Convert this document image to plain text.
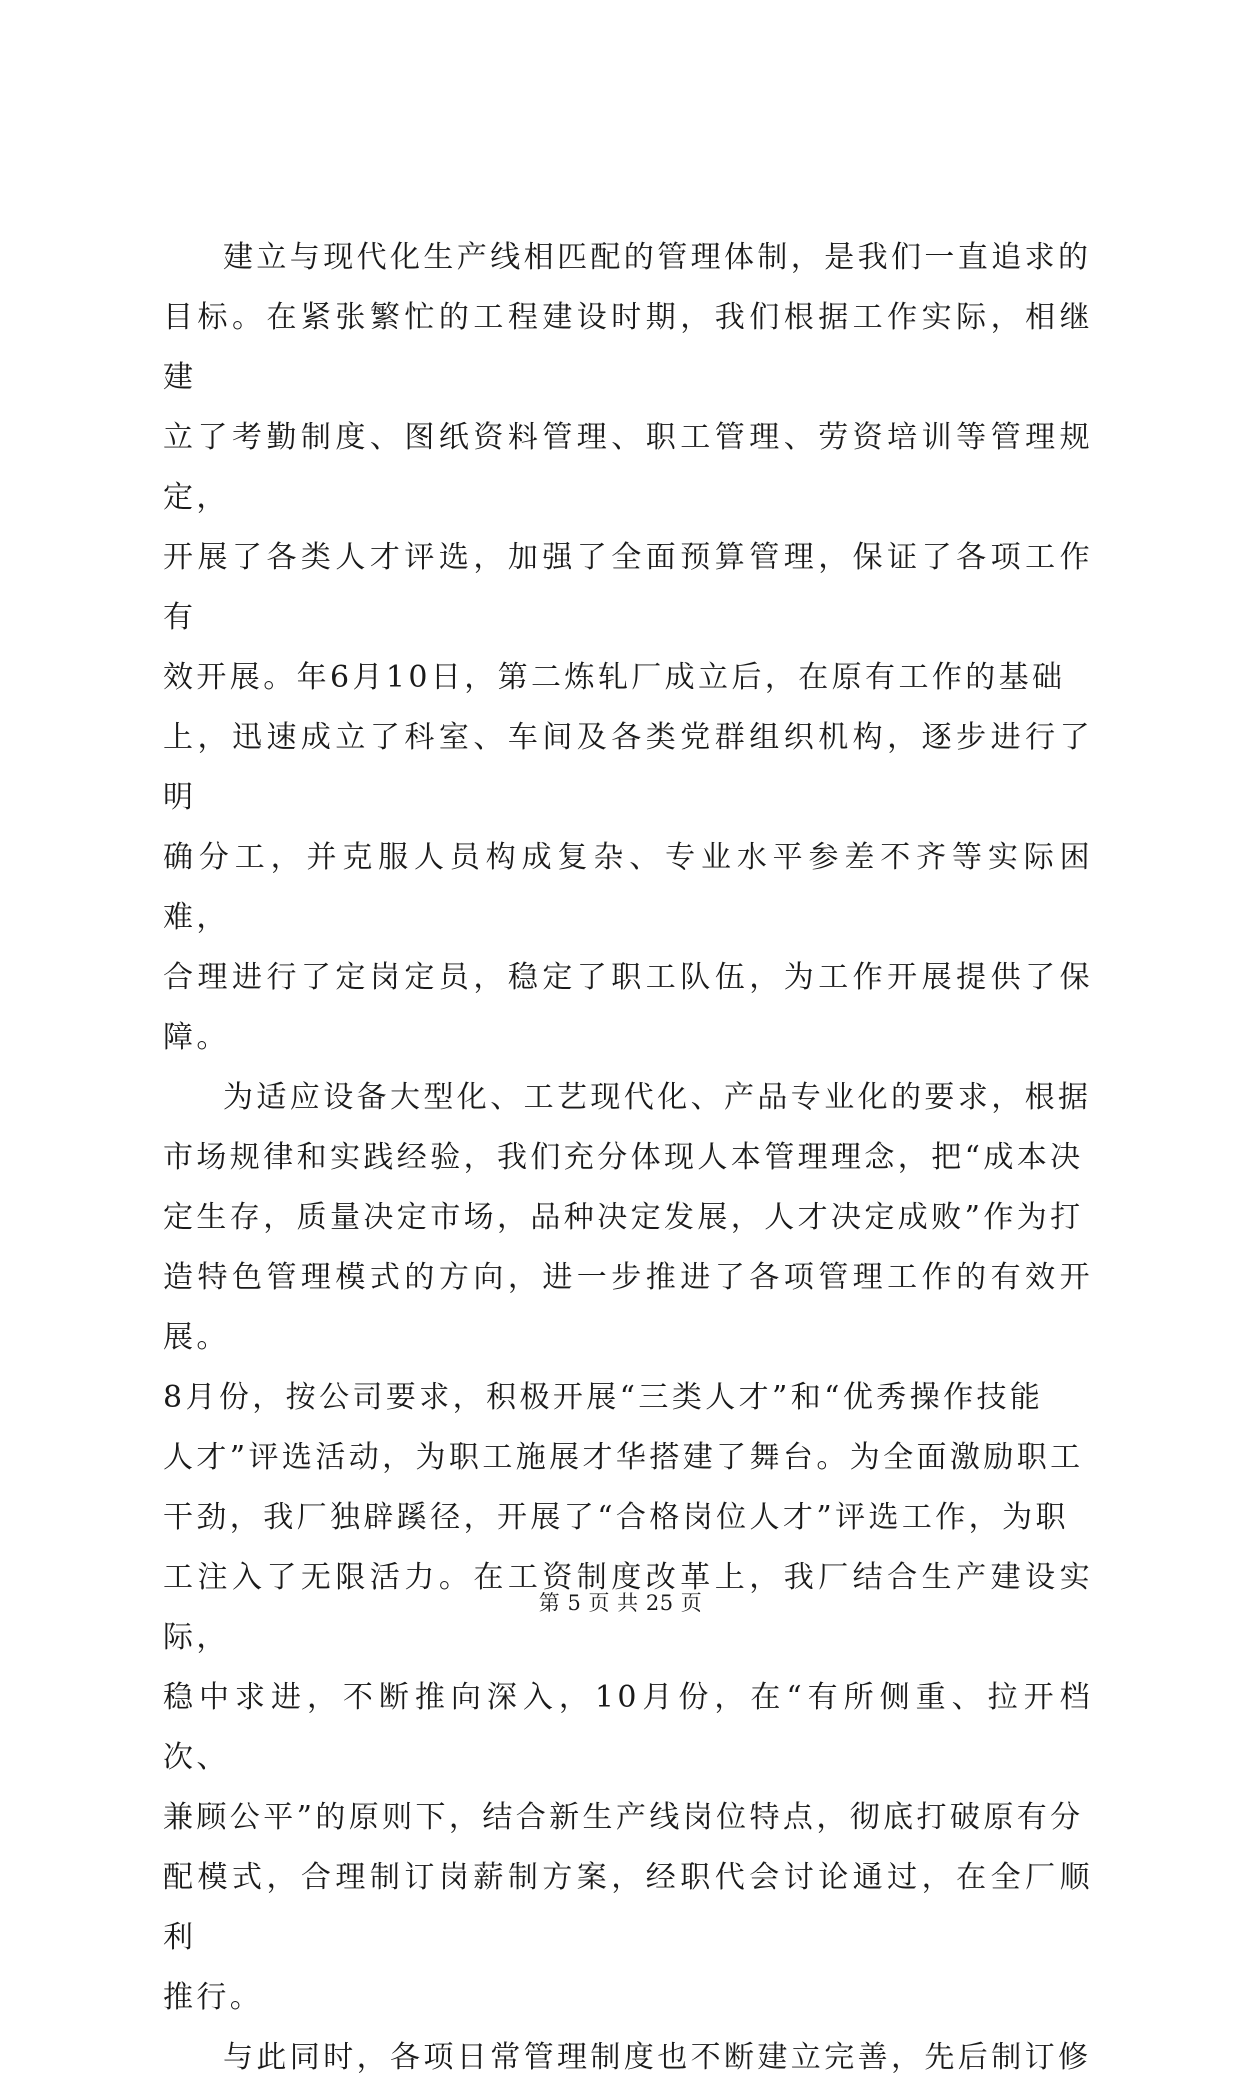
建立与现代化生产线相匹配的管理体制，是我们一直追求的
目标。在紧张繁忙的工程建设时期，我们根据工作实际，相继建
立了考勤制度、图纸资料管理、职工管理、劳资培训等管理规定，
开展了各类人才评选，加强了全面预算管理，保证了各项工作有
效开展。年6月10日，第二炼轧厂成立后，在原有工作的基础
上，迅速成立了科室、车间及各类党群组织机构，逐步进行了明
确分工，并克服人员构成复杂、专业水平参差不齐等实际困难，
合理进行了定岗定员，稳定了职工队伍，为工作开展提供了保障。

为适应设备大型化、工艺现代化、产品专业化的要求，根据
市场规律和实践经验，我们充分体现人本管理理念，把“成本决
定生存，质量决定市场，品种决定发展，人才决定成败”作为打
造特色管理模式的方向，进一步推进了各项管理工作的有效开展。
8月份，按公司要求，积极开展“三类人才”和“优秀操作技能
人才”评选活动，为职工施展才华搭建了舞台。为全面激励职工
干劲，我厂独辟蹊径，开展了“合格岗位人才”评选工作，为职
工注入了无限活力。在工资制度改革上，我厂结合生产建设实际，
稳中求进，不断推向深入，10月份，在“有所侧重、拉开档次、
兼顾公平”的原则下，结合新生产线岗位特点，彻底打破原有分
配模式，合理制订岗薪制方案，经职代会讨论通过，在全厂顺利
推行。

与此同时，各项日常管理制度也不断建立完善，先后制订修

第 5 页 共 25 页
